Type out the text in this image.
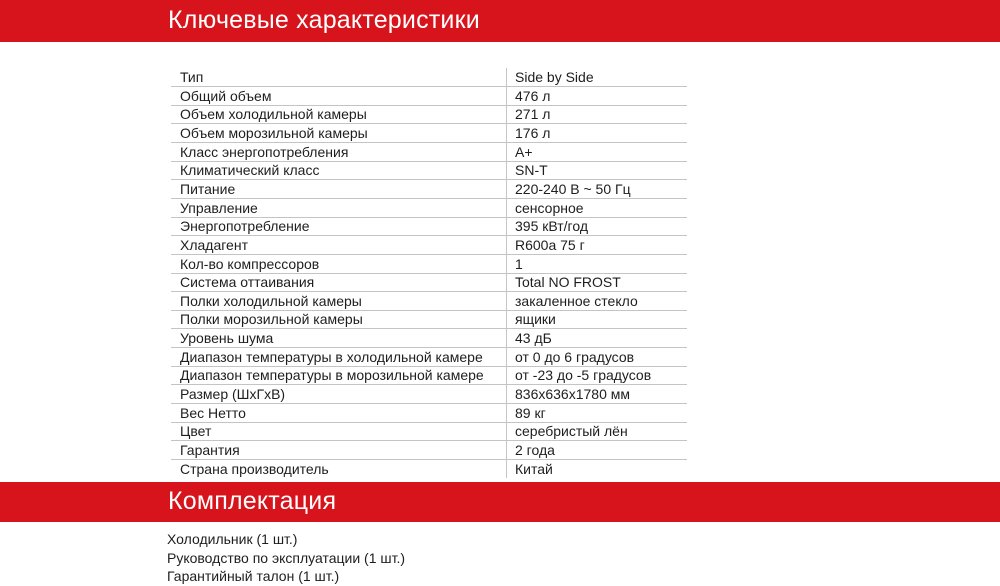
Ключевые характеристики
Тип	Side by Side
Общий объем	476 л
Объем холодильной камеры	271 л
Объем морозильной камеры	176 л
Класс энергопотребления	A+
Климатический класс	SN-T
Питание	220-240 В ~ 50 Гц
Управление	сенсорное
Энергопотребление	395 кВт/год
Хладагент	R600a 75 г
Кол-во компрессоров	1
Система оттаивания	Total NO FROST
Полки холодильной камеры	закаленное стекло
Полки морозильной камеры	ящики
Уровень шума	43 дБ
Диапазон температуры в холодильной камере	от 0 до 6 градусов
Диапазон температуры в морозильной камере	от -23 до -5 градусов
Размер (ШхГхВ)	836x636x1780 мм
Вес Нетто	89 кг
Цвет	серебристый лён
Гарантия	2 года
Страна производитель	Китай
Комплектация
Холодильник (1 шт.)
Руководство по эксплуатации (1 шт.)
Гарантийный талон (1 шт.)
